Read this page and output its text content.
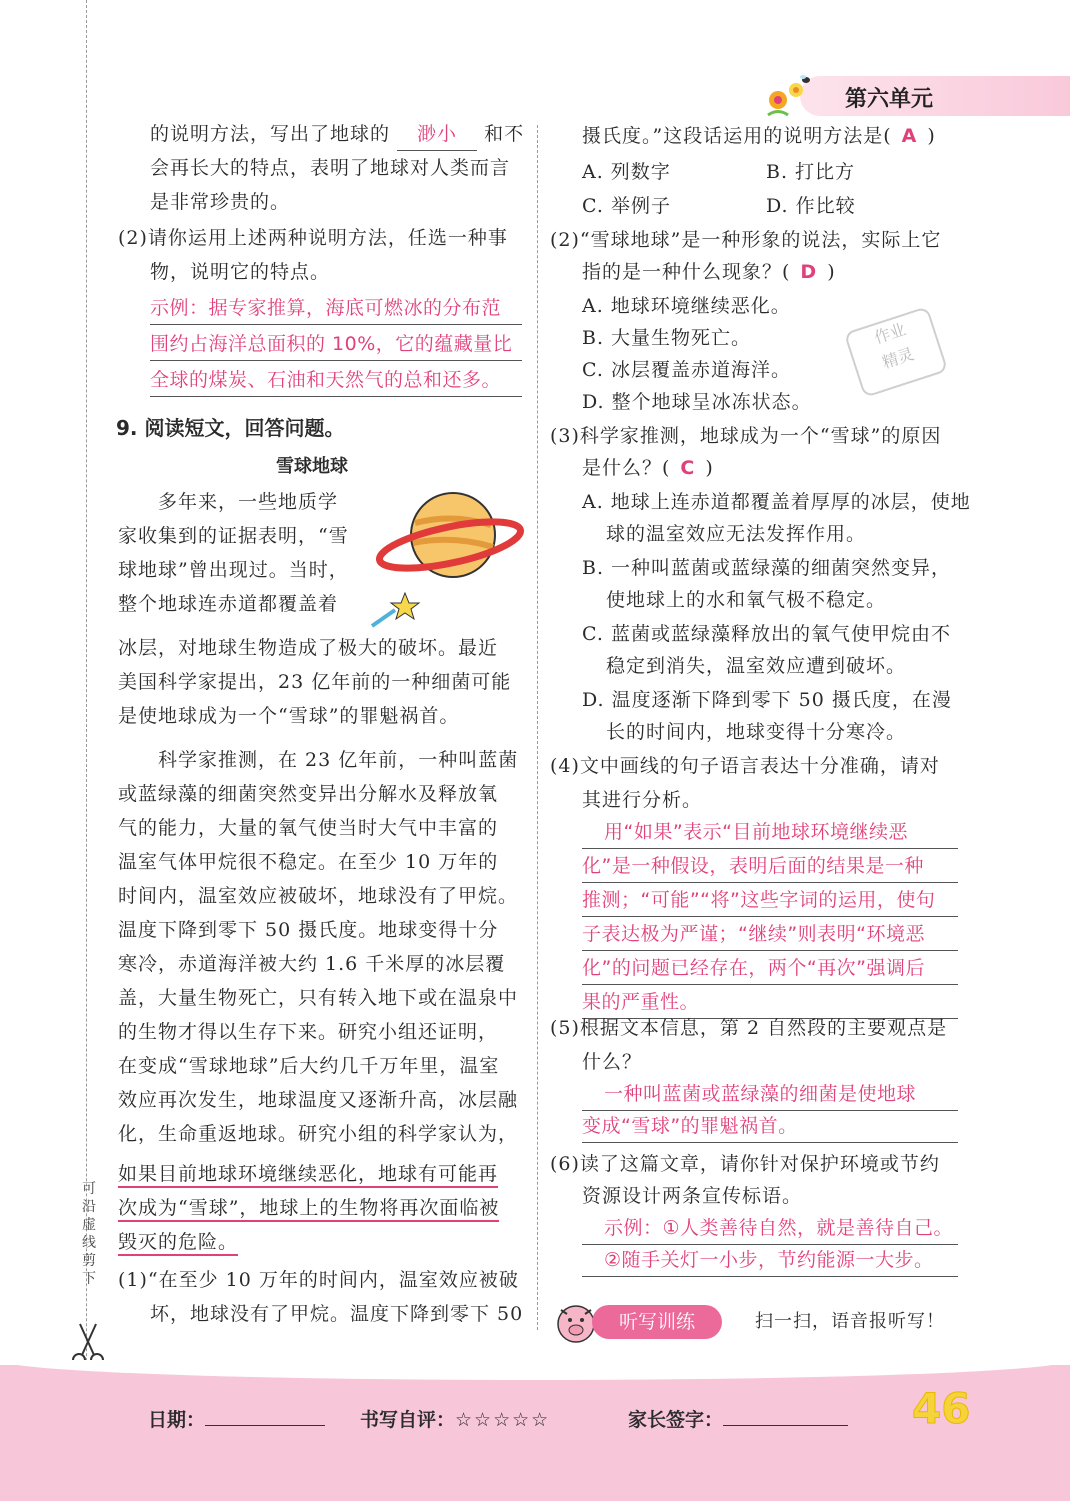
第六单元
的说明方法，写出了地球的 渺小 和不
会再长大的特点，表明了地球对人类而言
是非常珍贵的。
(2)请你运用上述两种说明方法，任选一种事
物，说明它的特点。
示例：据专家推算，海底可燃冰的分布范
围约占海洋总面积的 10%，它的蕴藏量比
全球的煤炭、石油和天然气的总和还多。
9. 阅读短文，回答问题。
雪球地球
多年来，一些地质学
家收集到的证据表明，“雪
球地球”曾出现过。当时，
整个地球连赤道都覆盖着
冰层，对地球生物造成了极大的破坏。最近
美国科学家提出，23 亿年前的一种细菌可能
是使地球成为一个“雪球”的罪魁祸首。
科学家推测，在 23 亿年前，一种叫蓝菌
或蓝绿藻的细菌突然变异出分解水及释放氧
气的能力，大量的氧气使当时大气中丰富的
温室气体甲烷很不稳定。在至少 10 万年的
时间内，温室效应被破坏，地球没有了甲烷。
温度下降到零下 50 摄氏度。地球变得十分
寒冷，赤道海洋被大约 1.6 千米厚的冰层覆
盖，大量生物死亡，只有转入地下或在温泉中
的生物才得以生存下来。研究小组还证明，
在变成“雪球地球”后大约几千万年里，温室
效应再次发生，地球温度又逐渐升高，冰层融
化，生命重返地球。研究小组的科学家认为，
如果目前地球环境继续恶化，地球有可能再
次成为“雪球”，地球上的生物将再次面临被
毁灭的危险。
(1)“在至少 10 万年的时间内，温室效应被破
坏，地球没有了甲烷。温度下降到零下 50
可沿虚线剪下
摄氏度。”这段话运用的说明方法是( A )
A. 列数字	B. 打比方
C. 举例子	D. 作比较
(2)“雪球地球”是一种形象的说法，实际上它
指的是一种什么现象？( D )
A. 地球环境继续恶化。
B. 大量生物死亡。
C. 冰层覆盖赤道海洋。
D. 整个地球呈冰冻状态。
作业
精灵
(3)科学家推测，地球成为一个“雪球”的原因
是什么？( C )
A. 地球上连赤道都覆盖着厚厚的冰层，使地
球的温室效应无法发挥作用。
B. 一种叫蓝菌或蓝绿藻的细菌突然变异，
使地球上的水和氧气极不稳定。
C. 蓝菌或蓝绿藻释放出的氧气使甲烷由不
稳定到消失，温室效应遭到破坏。
D. 温度逐渐下降到零下 50 摄氏度，在漫
长的时间内，地球变得十分寒冷。
(4)文中画线的句子语言表达十分准确，请对
其进行分析。
用“如果”表示“目前地球环境继续恶
化”是一种假设，表明后面的结果是一种
推测；“可能”“将”这些字词的运用，使句
子表达极为严谨；“继续”则表明“环境恶
化”的问题已经存在，两个“再次”强调后
果的严重性。
(5)根据文本信息，第 2 自然段的主要观点是
什么？
一种叫蓝菌或蓝绿藻的细菌是使地球
变成“雪球”的罪魁祸首。
(6)读了这篇文章，请你针对保护环境或节约
资源设计两条宣传标语。
示例：①人类善待自然，就是善待自己。
②随手关灯一小步，节约能源一大步。
听写训练	扫一扫，语音报听写！
日期：	书写自评：☆☆☆☆☆	家长签字：	46
